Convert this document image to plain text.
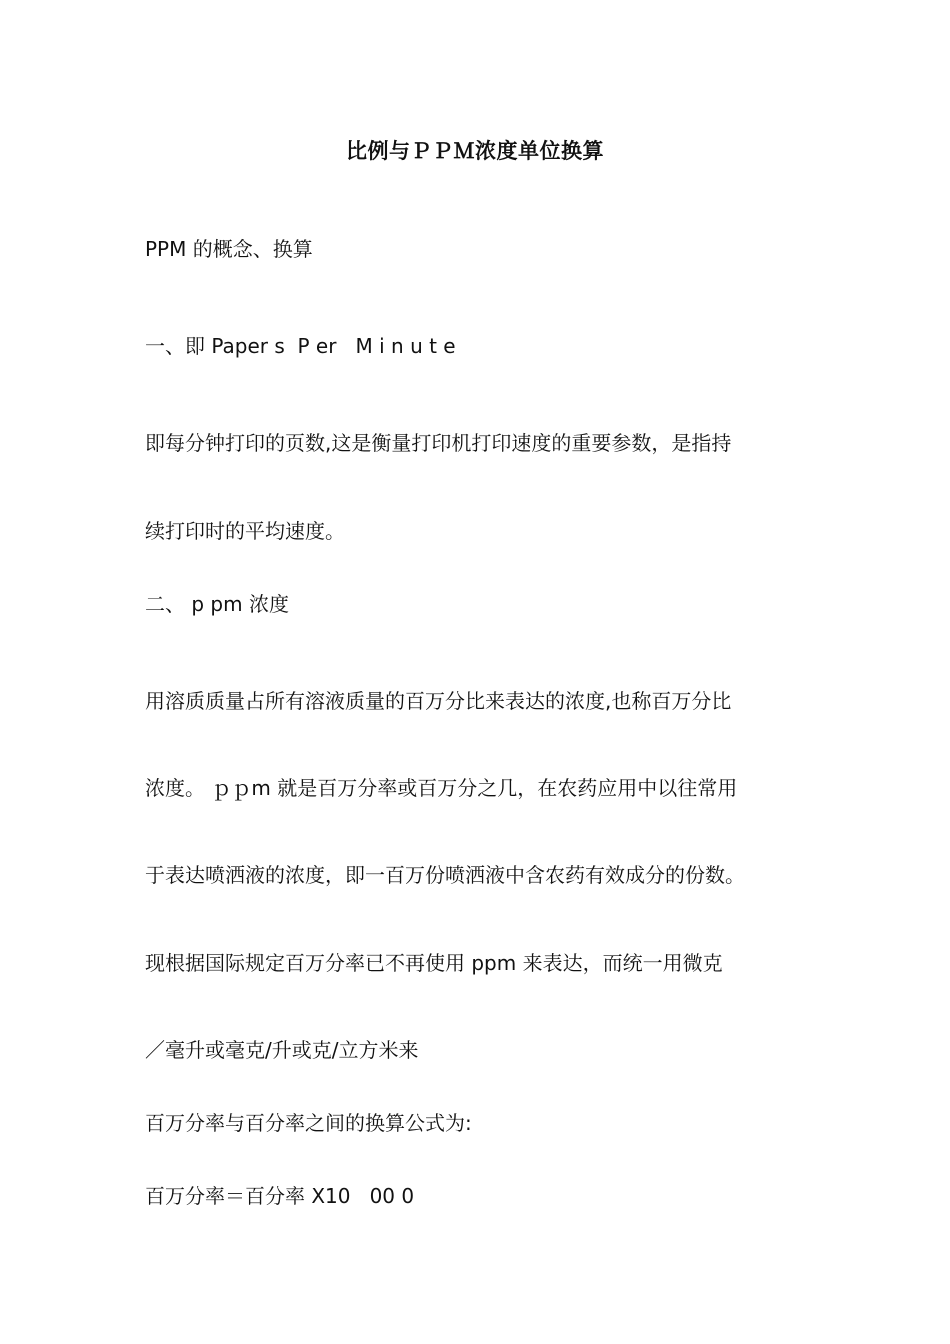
比例与ＰＰＭ浓度单位换算
PPM 的概念、换算
一、即 Paper s  P er   M i n u t e
即每分钟打印的页数,这是衡量打印机打印速度的重要参数，是指持
续打印时的平均速度。
二、 p pm 浓度
用溶质质量占所有溶液质量的百万分比来表达的浓度,也称百万分比
浓度。 ｐｐm 就是百万分率或百万分之几，在农药应用中以往常用
于表达喷洒液的浓度，即一百万份喷洒液中含农药有效成分的份数。
现根据国际规定百万分率已不再使用 ppm 来表达，而统一用微克
／毫升或毫克/升或克/立方米来
百万分率与百分率之间的换算公式为:
百万分率＝百分率 X10   00 0
